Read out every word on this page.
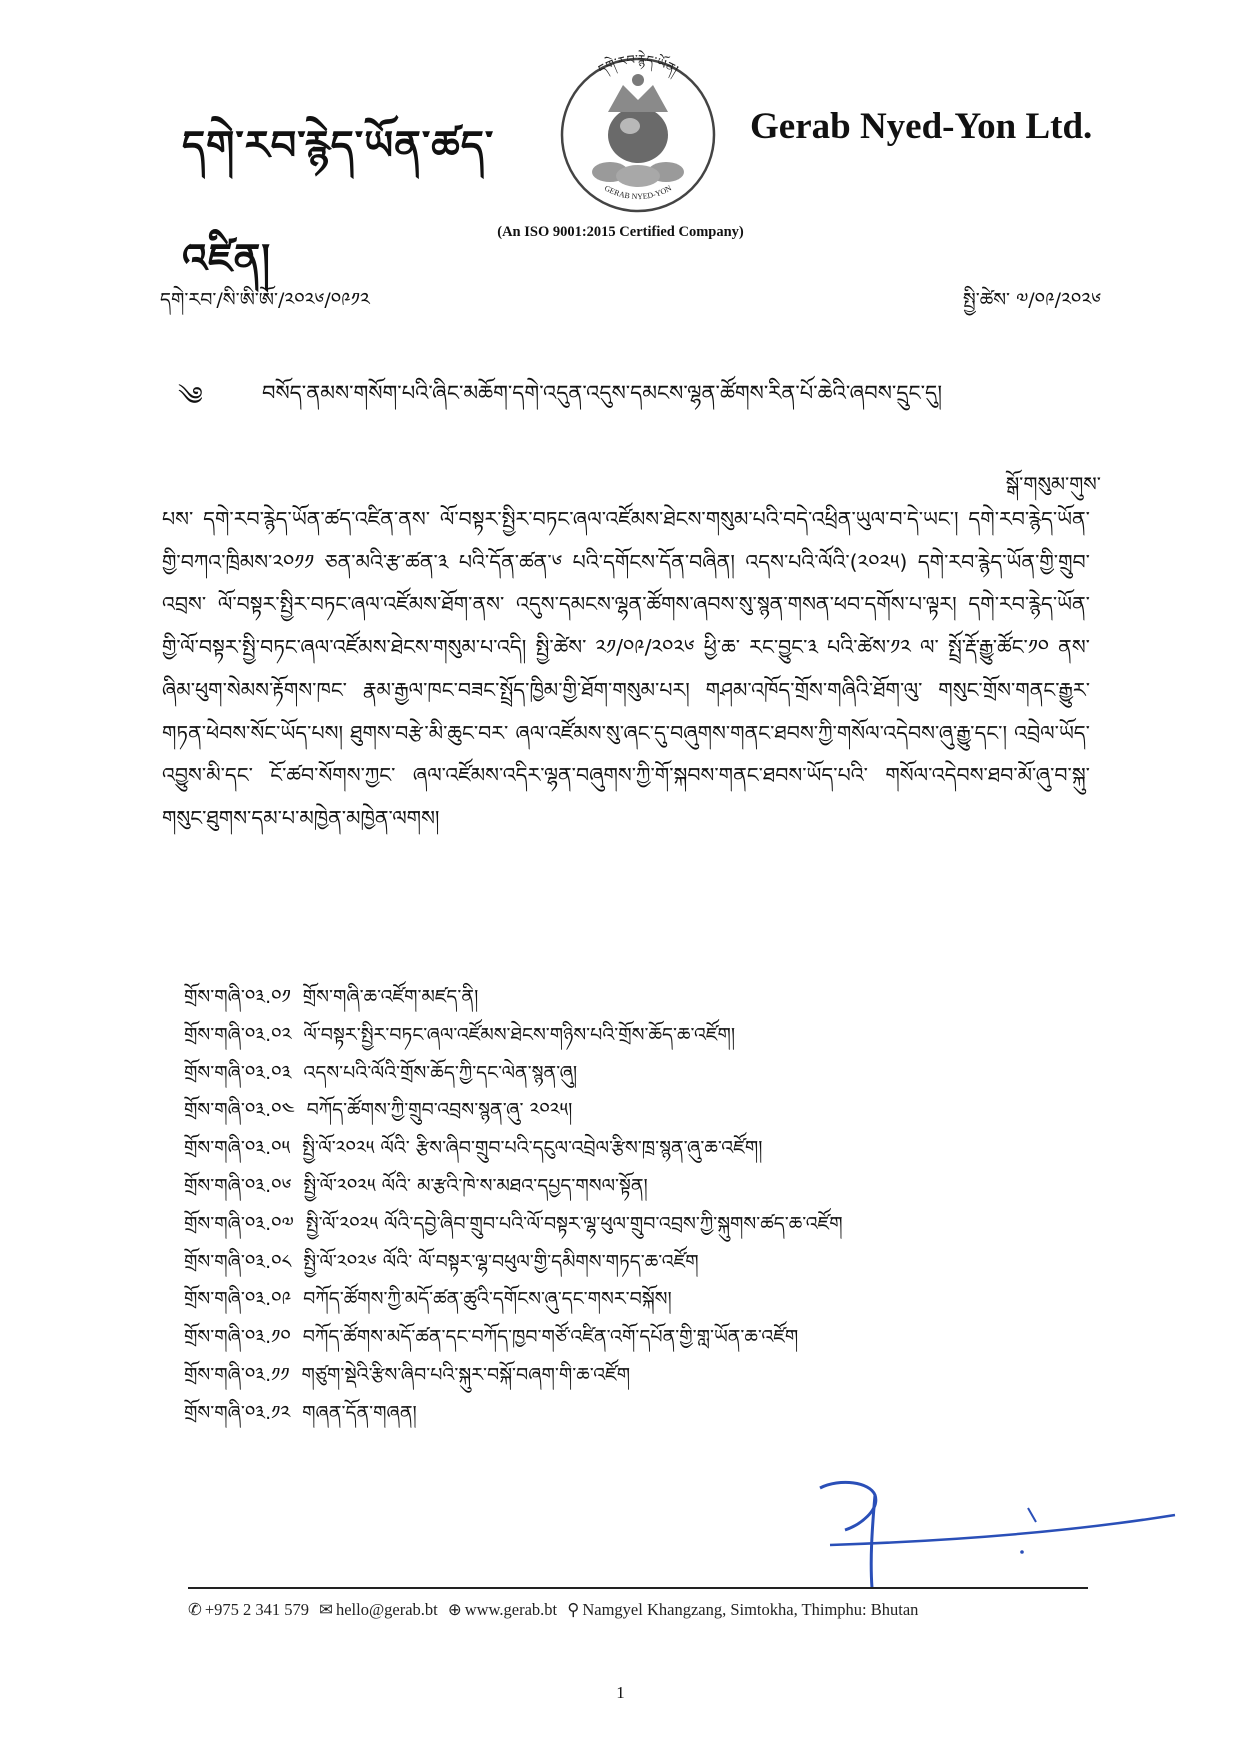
དགེ་རབ་རྙེད་ཡོན་ཚད་འཛིན།
དགེ་རབ་རྙེད་ཡོན།
GERAB NYED-YON
Gerab Nyed-Yon Ltd.
(An ISO 9001:2015 Certified Company)
དགེ་རབ་/སི་ཨི་ཨོ་/༢༠༢༦/༠༩༡༢	སྤྱི་ཚེས་ ༧/༠༩/༢༠༢༦
༄	བསོད་ནམས་གསོག་པའི་ཞིང་མཆོག་དགེ་འདུན་འདུས་དམངས་ལྷན་ཚོགས་རིན་པོ་ཆེའི་ཞབས་དྲུང་དུ།
སྒོ་གསུམ་གུས་
པས་ དགེ་རབ་རྙེད་ཡོན་ཚད་འཛིན་ནས་ ལོ་བསྟར་སྤྱིར་བཏང་ཞལ་འཛོམས་ཐེངས་གསུམ་པའི་བདེ་འཕྲིན་ཡུལ་བ་དེ་ཡང་། དགེ་རབ་རྙེད་ཡོན་གྱི་བཀའ་ཁྲིམས་༢༠༡༡ ཅན་མའི་རྩ་ཚན་༣ པའི་དོན་ཚན་༦ པའི་དགོངས་དོན་བཞིན། འདས་པའི་ལོའི་(༢༠༢༥) དགེ་རབ་རྙེད་ཡོན་གྱི་གྲུབ་འབྲས་ ལོ་བསྟར་སྤྱིར་བཏང་ཞལ་འཛོམས་ཐོག་ནས་ འདུས་དམངས་ལྷན་ཚོགས་ཞབས་སུ་སྙན་གསན་ཕབ་དགོས་པ་ལྟར། དགེ་རབ་རྙེད་ཡོན་གྱི་ལོ་བསྟར་སྤྱི་བཏང་ཞལ་འཛོམས་ཐེངས་གསུམ་པ་འདི། སྤྱི་ཚེས་ ༢༡/༠༩/༢༠༢༦ ཕྱི་ཆ་ རང་བྱུང་༣ པའི་ཚེས་༡༢ ལ་ སྤྲོ་རྡོ་རྒྱུ་ཚོང་༡༠ ནས་ ཞིམ་ཕུག་སེམས་རྟོགས་ཁང་ རྣམ་རྒྱལ་ཁང་བཟང་སྤྲོད་ཁྱིམ་གྱི་ཐོག་གསུམ་པར། གཤམ་འཁོད་གྲོས་གཞིའི་ཐོག་ལུ་ གསུང་གྲོས་གནང་རྒྱུར་གཏན་ཕེབས་སོང་ཡོད་པས། ཐུགས་བརྩེ་མི་ཆུང་བར་ ཞལ་འཛོམས་སུ་ཞང་དུ་བཞུགས་གནང་ཐབས་ཀྱི་གསོལ་འདེབས་ཞུ་རྒྱུ་དང་། འབྲེལ་ཡོད་འབྱུས་མི་དང་ ངོ་ཚབ་སོགས་ཀྱང་ ཞལ་འཛོམས་འདིར་ལྷན་བཞུགས་ཀྱི་གོ་སྐབས་གནང་ཐབས་ཡོད་པའི་ གསོལ་འདེབས་ཐབ་མོ་ཞུ་བ་སྐུ་གསུང་ཐུགས་དམ་པ་མཁྱེན་མཁྱེན་ལགས།
གྲོས་གཞི་༠༣.༠༡ གྲོས་གཞི་ཆ་འཛོག་མཛད་ནི།
གྲོས་གཞི་༠༣.༠༢ ལོ་བསྟར་སྤྱིར་བཏང་ཞལ་འཛོམས་ཐེངས་གཉིས་པའི་གྲོས་ཆོད་ཆ་འཛོག།
གྲོས་གཞི་༠༣.༠༣ འདས་པའི་ལོའི་གྲོས་ཆོད་ཀྱི་དང་ལེན་སྙན་ཞུ།
གྲོས་གཞི་༠༣.༠༤ བཀོད་ཚོགས་ཀྱི་གྲུབ་འབྲས་སྙན་ཞུ་ ༢༠༢༥།
གྲོས་གཞི་༠༣.༠༥ སྤྱི་ལོ་༢༠༢༥ ལོའི་ རྩིས་ཞིབ་གྲུབ་པའི་དངུལ་འབྲེལ་རྩིས་ཁྲ་སྙན་ཞུ་ཆ་འཛོག།
གྲོས་གཞི་༠༣.༠༦ སྤྱི་ལོ་༢༠༢༥ ལོའི་ མ་རྩའི་ཁེ་ས་མཐའ་དཔྱད་གསལ་སྟོན།
གྲོས་གཞི་༠༣.༠༧ སྤྱི་ལོ་༢༠༢༥ ལོའི་དབྱེ་ཞིབ་གྲུབ་པའི་ལོ་བསྟར་ལྷ་ཕུལ་གྲུབ་འབྲས་ཀྱི་སྐུགས་ཚད་ཆ་འཛོག
གྲོས་གཞི་༠༣.༠༨ སྤྱི་ལོ་༢༠༢༦ ལོའི་ ལོ་བསྟར་ལྷ་བཕུལ་གྱི་དམིགས་གཏད་ཆ་འཛོག
གྲོས་གཞི་༠༣.༠༩ བཀོད་ཚོགས་ཀྱི་མདོ་ཚན་ཚུའི་དགོངས་ཞུ་དང་གསར་བསྐོས།
གྲོས་གཞི་༠༣.༡༠ བཀོད་ཚོགས་མདོ་ཚན་དང་བཀོད་ཁྱབ་གཙོ་འཛིན་འགོ་དཔོན་གྱི་གླ་ཡོན་ཆ་འཛོག
གྲོས་གཞི་༠༣.༡༡ གཙུག་སྡེའི་རྩིས་ཞིབ་པའི་སྐུར་བསྐོ་བཞག་གི་ཆ་འཛོག
གྲོས་གཞི་༠༣.༡༢ གཞན་དོན་གཞན།
✆ +975 2 341 579 ✉ hello@gerab.bt ⊕ www.gerab.bt ⚲ Namgyel Khangzang, Simtokha, Thimphu: Bhutan
1
